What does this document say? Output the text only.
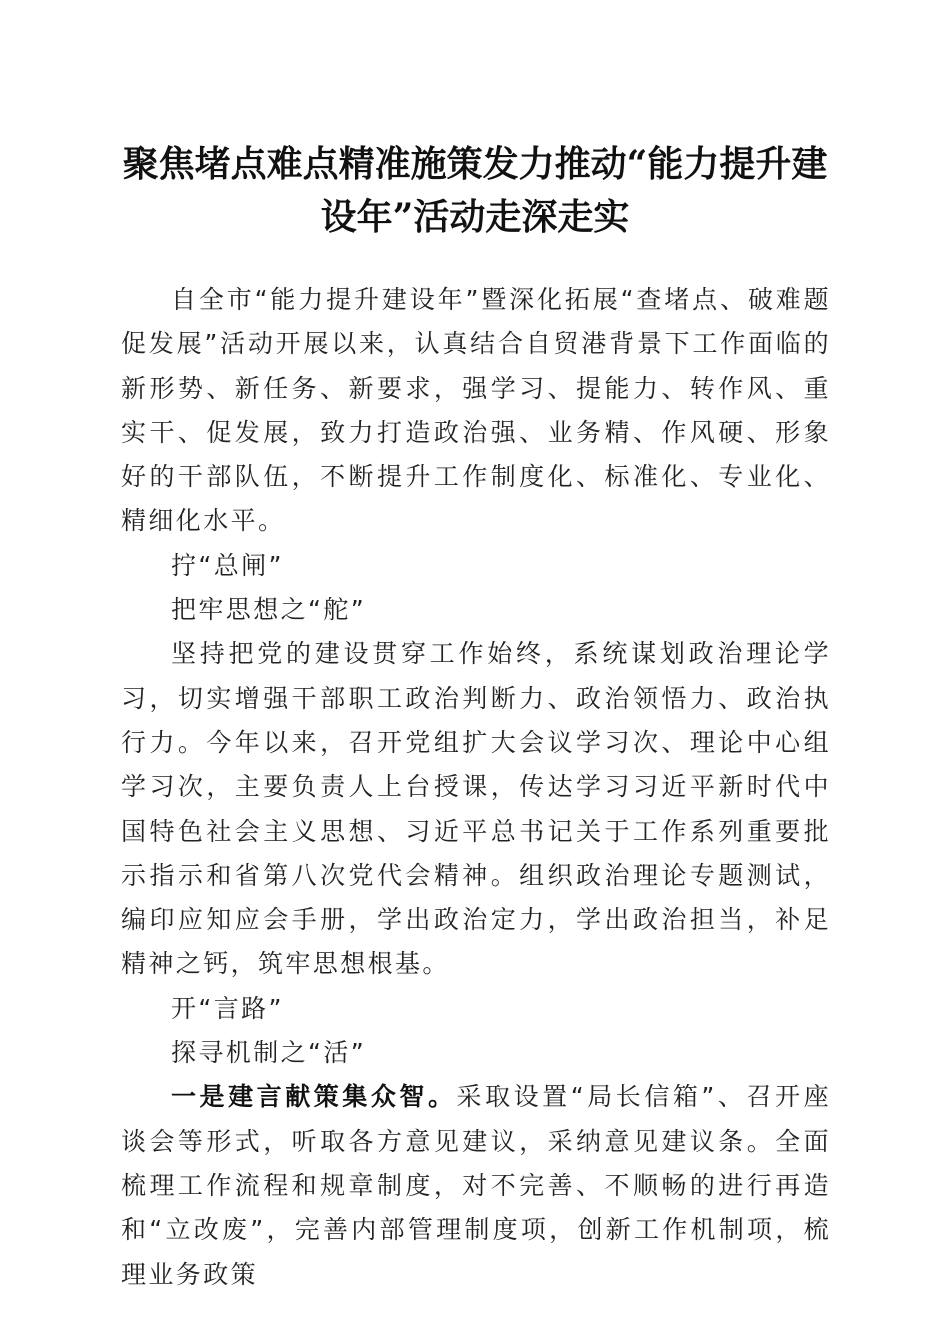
聚焦堵点难点精准施策发力推动“能力提升建
设年”活动走深走实

自全市“能力提升建设年”暨深化拓展“查堵点、破难题促发展”活动开展以来，认真结合自贸港背景下工作面临的新形势、新任务、新要求，强学习、提能力、转作风、重实干、促发展，致力打造政治强、业务精、作风硬、形象好的干部队伍，不断提升工作制度化、标准化、专业化、精细化水平。

拧“总闸”

把牢思想之“舵”

坚持把党的建设贯穿工作始终，系统谋划政治理论学习，切实增强干部职工政治判断力、政治领悟力、政治执行力。今年以来，召开党组扩大会议学习次、理论中心组学习次，主要负责人上台授课，传达学习习近平新时代中国特色社会主义思想、习近平总书记关于工作系列重要批示指示和省第八次党代会精神。组织政治理论专题测试，编印应知应会手册，学出政治定力，学出政治担当，补足精神之钙，筑牢思想根基。

开“言路”

探寻机制之“活”

一是建言献策集众智。采取设置“局长信箱”、召开座谈会等形式，听取各方意见建议，采纳意见建议条。全面梳理工作流程和规章制度，对不完善、不顺畅的进行再造和“立改废”，完善内部管理制度项，创新工作机制项，梳理业务政策
